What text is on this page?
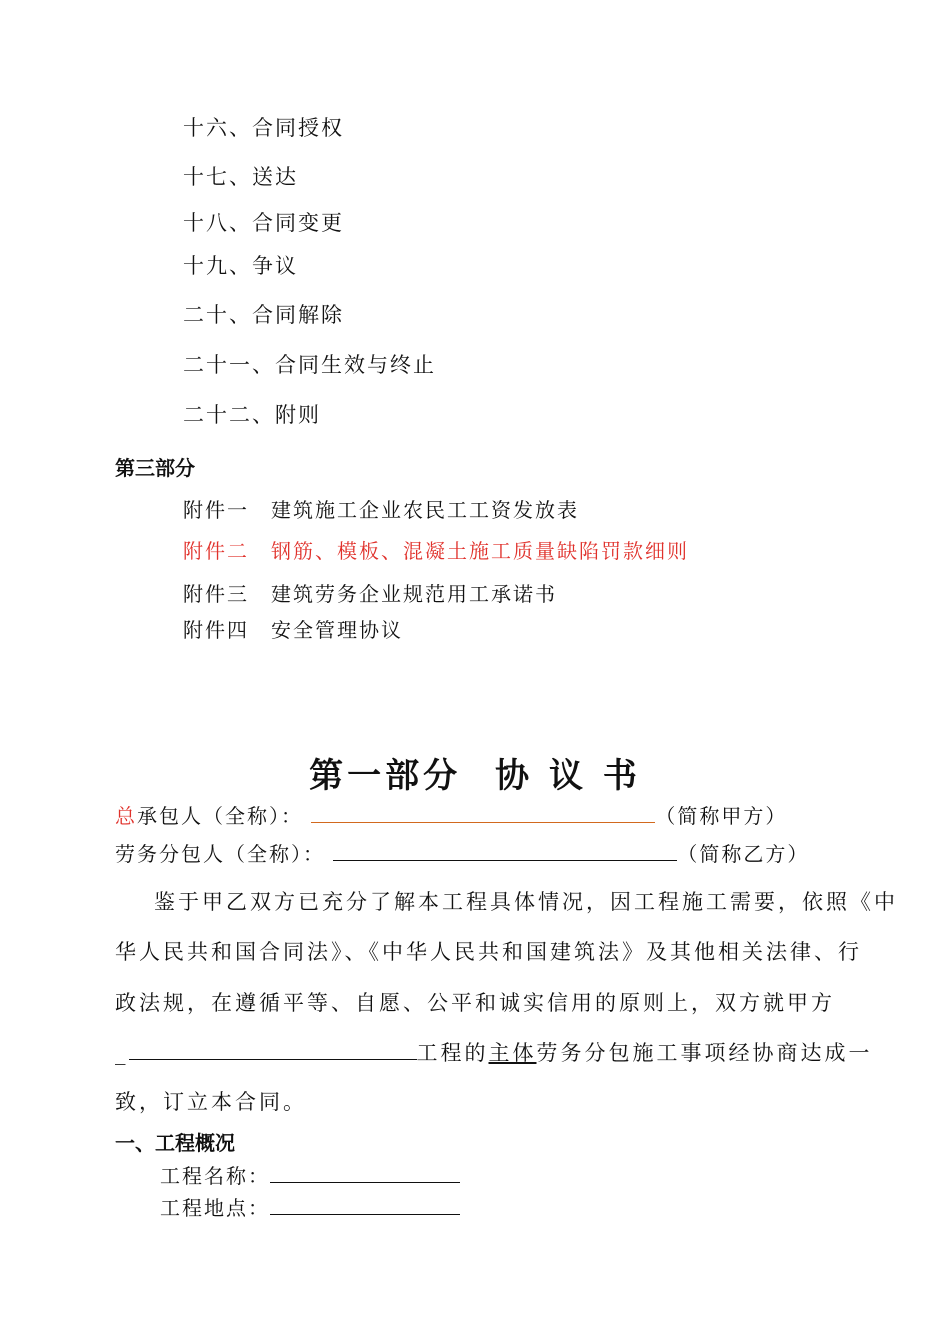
十六、合同授权
十七、送达
十八、合同变更
十九、争议
二十、合同解除
二十一、合同生效与终止
二十二、附则
第三部分
附件一 建筑施工企业农民工工资发放表
附件二 钢筋、模板、混凝土施工质量缺陷罚款细则
附件三 建筑劳务企业规范用工承诺书
附件四 安全管理协议
第一部分 协 议 书
总承包人（全称）：	（简称甲方）
劳务分包人（全称）：	（简称乙方）
鉴于甲乙双方已充分了解本工程具体情况，因工程施工需要，依照《中
华人民共和国合同法》、《中华人民共和国建筑法》及其他相关法律、行
政法规，在遵循平等、自愿、公平和诚实信用的原则上，双方就甲方
_	工程的主体劳务分包施工事项经协商达成一
致，订立本合同。
一、工程概况
工程名称：
工程地点：
